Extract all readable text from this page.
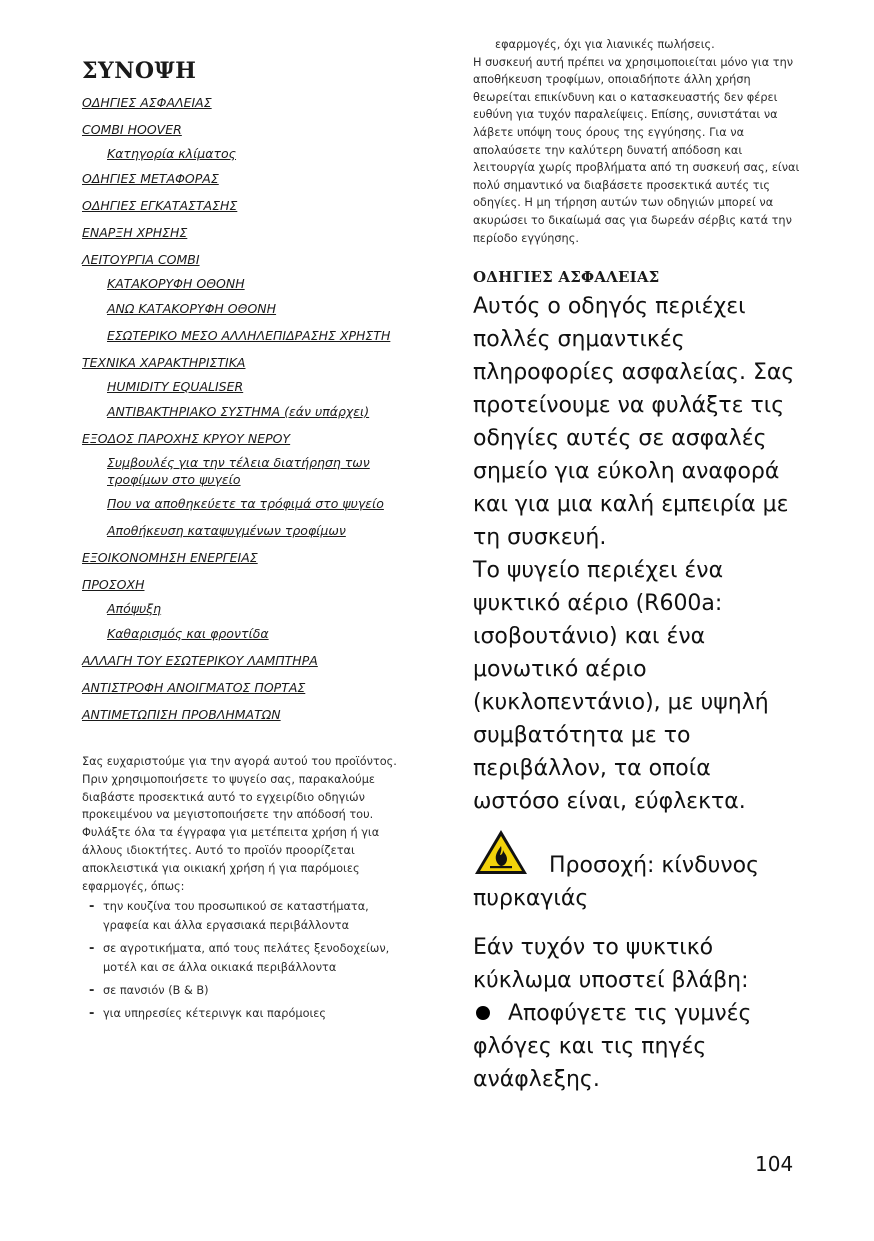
ΣΥΝΟΨΗ
ΟΔΗΓΙΕΣ ΑΣΦΑΛΕΙΑΣ
COMBI HOOVER
Κατηγορία κλίματος
ΟΔΗΓΙΕΣ ΜΕΤΑΦΟΡΑΣ
ΟΔΗΓΙΕΣ ΕΓΚΑΤΑΣΤΑΣΗΣ
ΕΝΑΡΞΗ ΧΡΗΣΗΣ
ΛΕΙΤΟΥΡΓΙΑ COMBI
ΚΑΤΑΚΟΡΥΦΗ ΟΘΟΝΗ
ΑΝΩ ΚΑΤΑΚΟΡΥΦΗ ΟΘΟΝΗ
ΕΣΩΤΕΡΙΚΟ ΜΕΣΟ ΑΛΛΗΛΕΠΙΔΡΑΣΗΣ ΧΡΗΣΤΗ
ΤΕΧΝΙΚΑ ΧΑΡΑΚΤΗΡΙΣΤΙΚΑ
HUMIDITY EQUALISER
ΑΝΤΙΒΑΚΤΗΡΙΑΚΟ ΣΥΣΤΗΜΑ (εάν υπάρχει)
ΕΞΟΔΟΣ ΠΑΡΟΧΗΣ ΚΡΥΟΥ ΝΕΡΟΥ
Συμβουλές για την τέλεια διατήρηση των τροφίμων στο ψυγείο
Που να αποθηκεύετε τα τρόφιμά στο ψυγείο
Αποθήκευση καταψυγμένων τροφίμων
ΕΞΟΙΚΟΝΟΜΗΣΗ ΕΝΕΡΓΕΙΑΣ
ΠΡΟΣΟΧΗ
Απόψυξη
Καθαρισμός και φροντίδα
ΑΛΛΑΓΗ ΤΟΥ ΕΣΩΤΕΡΙΚΟΥ ΛΑΜΠΤΗΡΑ
ΑΝΤΙΣΤΡΟΦΗ ΑΝΟΙΓΜΑΤΟΣ ΠΟΡΤΑΣ
ΑΝΤΙΜΕΤΩΠΙΣΗ ΠΡΟΒΛΗΜΑΤΩΝ

Σας ευχαριστούμε για την αγορά αυτού του προϊόντος.

Πριν χρησιμοποιήσετε το ψυγείο σας, παρακαλούμε διαβάστε προσεκτικά αυτό το εγχειρίδιο οδηγιών προκειμένου να μεγιστοποιήσετε την απόδοσή του. Φυλάξτε όλα τα έγγραφα για μετέπειτα χρήση ή για άλλους ιδιοκτήτες. Αυτό το προϊόν προορίζεται αποκλειστικά για οικιακή χρήση ή για παρόμοιες εφαρμογές, όπως:

- την κουζίνα του προσωπικού σε καταστήματα, γραφεία και άλλα εργασιακά περιβάλλοντα
- σε αγροτικήματα, από τους πελάτες ξενοδοχείων, μοτέλ και σε άλλα οικιακά περιβάλλοντα
- σε πανσιόν (B & B)
- για υπηρεσίες κέτερινγκ και παρόμοιες

εφαρμογές, όχι για λιανικές πωλήσεις.

Η συσκευή αυτή πρέπει να χρησιμοποιείται μόνο για την αποθήκευση τροφίμων, οποιαδήποτε άλλη χρήση θεωρείται επικίνδυνη και ο κατασκευαστής δεν φέρει ευθύνη για τυχόν παραλείψεις. Επίσης, συνιστάται να λάβετε υπόψη τους όρους της εγγύησης. Για να απολαύσετε την καλύτερη δυνατή απόδοση και λειτουργία χωρίς προβλήματα από τη συσκευή σας, είναι πολύ σημαντικό να διαβάσετε προσεκτικά αυτές τις οδηγίες. Η μη τήρηση αυτών των οδηγιών μπορεί να ακυρώσει το δικαίωμά σας για δωρεάν σέρβις κατά την περίοδο εγγύησης.

ΟΔΗΓΙΕΣ ΑΣΦΑΛΕΙΑΣ

Αυτός ο οδηγός περιέχει πολλές σημαντικές πληροφορίες ασφαλείας. Σας προτείνουμε να φυλάξτε τις οδηγίες αυτές σε ασφαλές σημείο για εύκολη αναφορά και για μια καλή εμπειρία με τη συσκευή.

Το ψυγείο περιέχει ένα ψυκτικό αέριο (R600a: ισοβουτάνιο) και ένα μονωτικό αέριο (κυκλοπεντάνιο), με υψηλή συμβατότητα με το περιβάλλον, τα οποία ωστόσο είναι, εύφλεκτα.

Προσοχή: κίνδυνος πυρκαγιάς

Εάν τυχόν το ψυκτικό κύκλωμα υποστεί βλάβη:

Αποφύγετε τις γυμνές φλόγες και τις πηγές ανάφλεξης.
104
